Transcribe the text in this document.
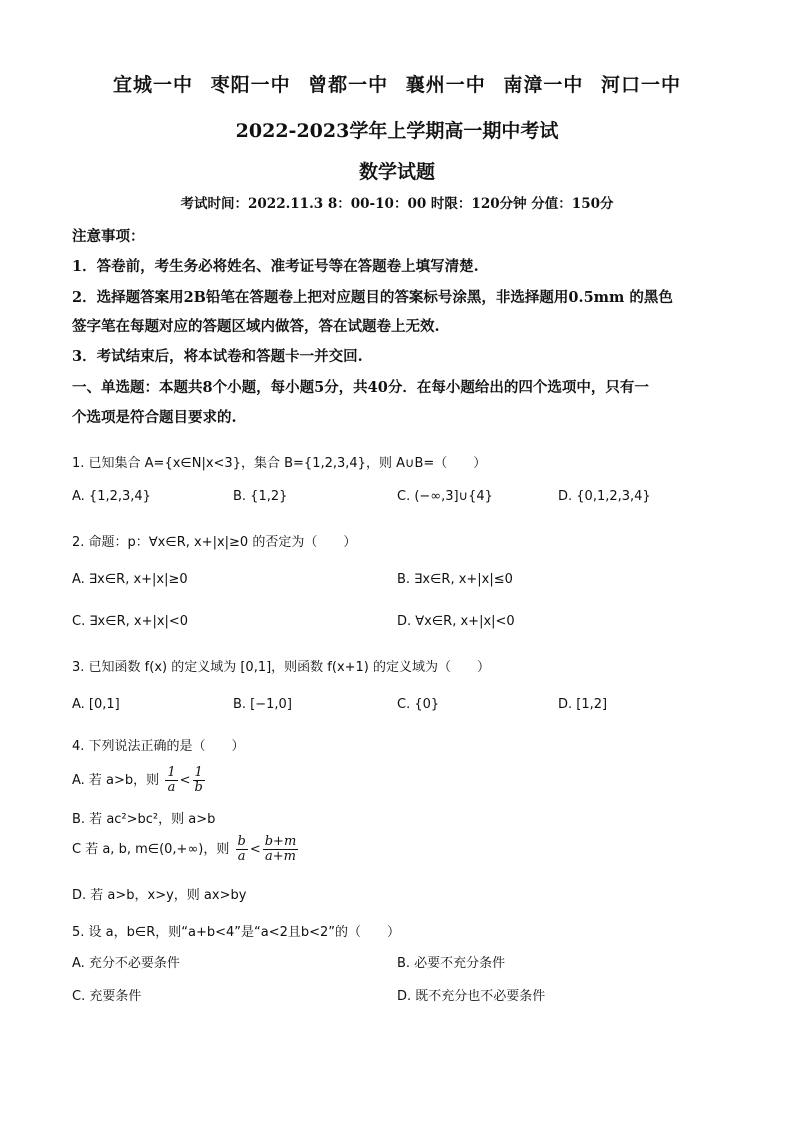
宜城一中 枣阳一中 曾都一中 襄州一中 南漳一中 河口一中
2022-2023学年上学期高一期中考试
数学试题
考试时间：2022.11.3 8：00-10：00 时限：120分钟 分值：150分
注意事项：
1．答卷前，考生务必将姓名、准考证号等在答题卷上填写清楚.
2．选择题答案用2B铅笔在答题卷上把对应题目的答案标号涂黑，非选择题用0.5mm 的黑色
签字笔在每题对应的答题区域内做答，答在试题卷上无效.
3．考试结束后，将本试卷和答题卡一并交回.
一、单选题：本题共8个小题，每小题5分，共40分．在每小题给出的四个选项中，只有一
个选项是符合题目要求的.
1. 已知集合 A={x∈N|x<3}，集合 B={1,2,3,4}，则 A∪B=（　　）
A. {1,2,3,4}	B. {1,2}	C. (−∞,3]∪{4}	D. {0,1,2,3,4}
2. 命题：p：∀x∈R, x+|x|≥0 的否定为（　　）
A. ∃x∈R, x+|x|≥0	B. ∃x∈R, x+|x|≤0
C. ∃x∈R, x+|x|<0	D. ∀x∈R, x+|x|<0
3. 已知函数 f(x) 的定义域为 [0,1]，则函数 f(x+1) 的定义域为（　　）
A. [0,1]	B. [−1,0]	C. {0}	D. [1,2]
4. 下列说法正确的是（　　）
A. 若 a>b，则 $\frac{1}{a} < \frac{1}{b}$
B. 若 ac²>bc²，则 a>b
C 若 a, b, m∈(0,+∞)，则 $\frac{b}{a} < \frac{b+m}{a+m}$
D. 若 a>b，x>y，则 ax>by
5. 设 a，b∈R，则“a+b<4”是“a<2且b<2”的（　　）
A. 充分不必要条件	B. 必要不充分条件
C. 充要条件	D. 既不充分也不必要条件
